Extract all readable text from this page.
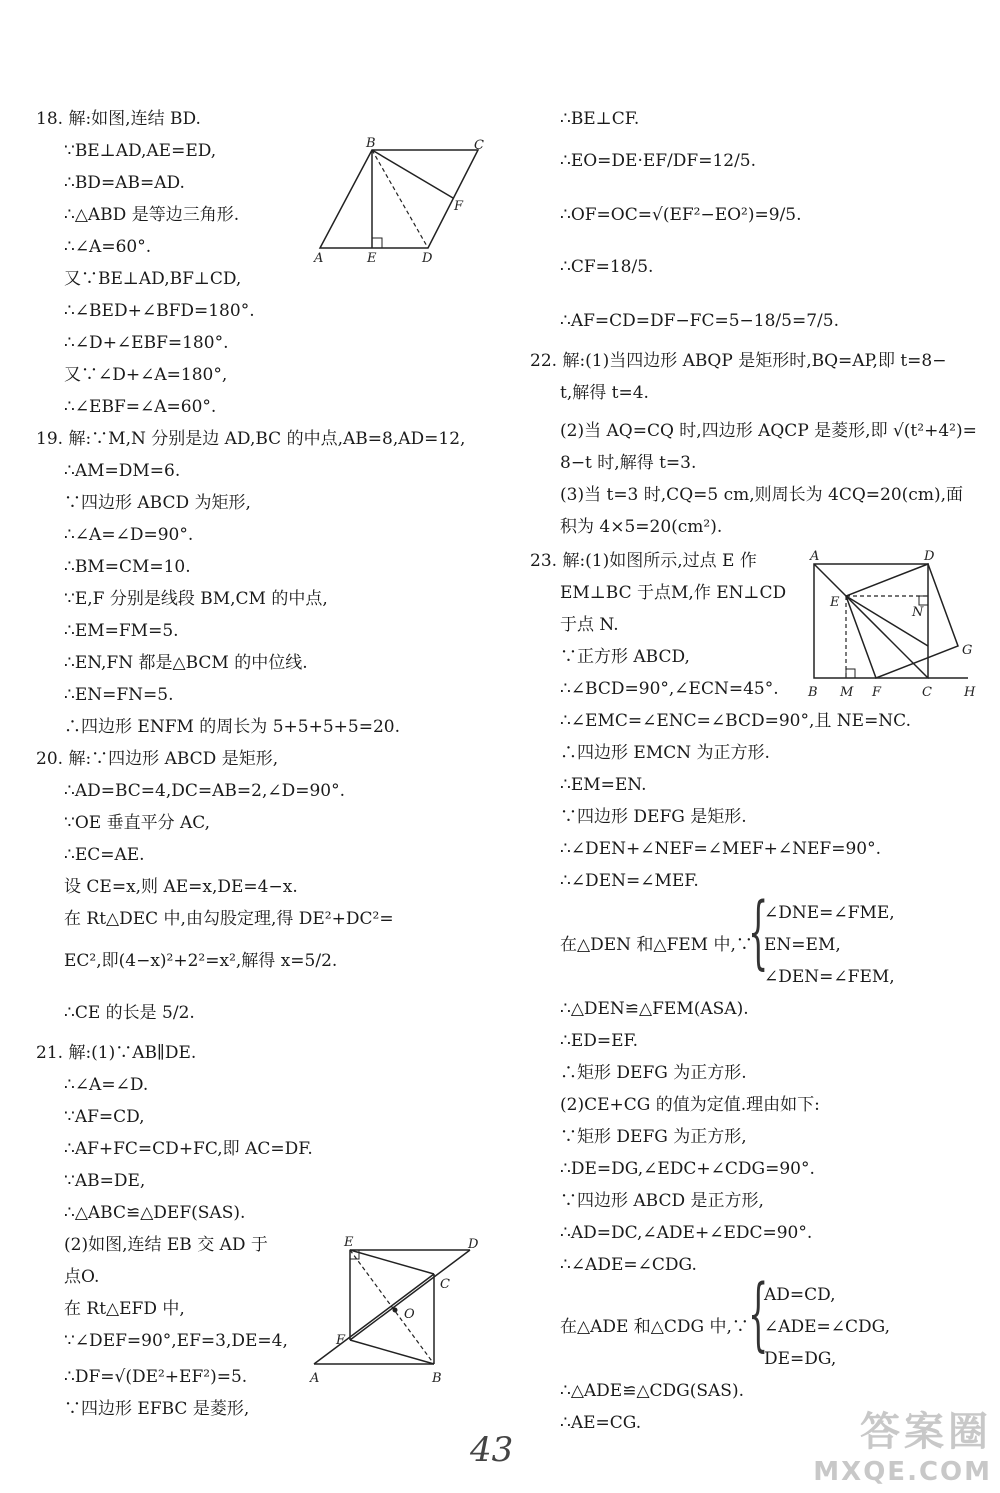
18. 解:如图,连结 BD.
∵BE⊥AD,AE=ED,
∴BD=AB=AD.
∴△ABD 是等边三角形.
∴∠A=60°.
又∵BE⊥AD,BF⊥CD,
∴∠BED+∠BFD=180°.
∴∠D+∠EBF=180°.
又∵∠D+∠A=180°,
∴∠EBF=∠A=60°.
19. 解:∵M,N 分别是边 AD,BC 的中点,AB=8,AD=12,
∴AM=DM=6.
∵四边形 ABCD 为矩形,
∴∠A=∠D=90°.
∴BM=CM=10.
∵E,F 分别是线段 BM,CM 的中点,
∴EM=FM=5.
∴EN,FN 都是△BCM 的中位线.
∴EN=FN=5.
∴四边形 ENFM 的周长为 5+5+5+5=20.
20. 解:∵四边形 ABCD 是矩形,
∴AD=BC=4,DC=AB=2,∠D=90°.
∵OE 垂直平分 AC,
∴EC=AE.
设 CE=x,则 AE=x,DE=4−x.
在 Rt△DEC 中,由勾股定理,得 DE²+DC²=
EC²,即(4−x)²+2²=x²,解得 x=5/2.
∴CE 的长是 5/2.
21. 解:(1)∵AB∥DE.
∴∠A=∠D.
∵AF=CD,
∴AF+FC=CD+FC,即 AC=DF.
∵AB=DE,
∴△ABC≌△DEF(SAS).
(2)如图,连结 EB 交 AD 于
点O.
在 Rt△EFD 中,
∵∠DEF=90°,EF=3,DE=4,
∴DF=√(DE²+EF²)=5.
∵四边形 EFBC 是菱形,
∴BE⊥CF.
∴EO=DE·EF/DF=12/5.
∴OF=OC=√(EF²−EO²)=9/5.
∴CF=18/5.
∴AF=CD=DF−FC=5−18/5=7/5.
22. 解:(1)当四边形 ABQP 是矩形时,BQ=AP,即 t=8−
t,解得 t=4.
(2)当 AQ=CQ 时,四边形 AQCP 是菱形,即 √(t²+4²)=
8−t 时,解得 t=3.
(3)当 t=3 时,CQ=5 cm,则周长为 4CQ=20(cm),面
积为 4×5=20(cm²).
23. 解:(1)如图所示,过点 E 作
EM⊥BC 于点M,作 EN⊥CD
于点 N.
∵正方形 ABCD,
∴∠BCD=90°,∠ECN=45°.
∴∠EMC=∠ENC=∠BCD=90°,且 NE=NC.
∴四边形 EMCN 为正方形.
∴EM=EN.
∵四边形 DEFG 是矩形.
∴∠DEN+∠NEF=∠MEF+∠NEF=90°.
∴∠DEN=∠MEF.
在△DEN 和△FEM 中,∵
∠DNE=∠FME,
EN=EM,
∠DEN=∠FEM,
∴△DEN≌△FEM(ASA).
∴ED=EF.
∴矩形 DEFG 为正方形.
(2)CE+CG 的值为定值.理由如下:
∵矩形 DEFG 为正方形,
∴DE=DG,∠EDC+∠CDG=90°.
∵四边形 ABCD 是正方形,
∴AD=DC,∠ADE+∠EDC=90°.
∴∠ADE=∠CDG.
在△ADE 和△CDG 中,∵
AD=CD,
∠ADE=∠CDG,
DE=DG,
∴△ADE≌△CDG(SAS).
∴AE=CG.
{
{
B	C
F
A	E	D
E	D
C
O
F
A	B
A	D
E
N
G
B M F	C H
43	答案圈
MXQE.COM
